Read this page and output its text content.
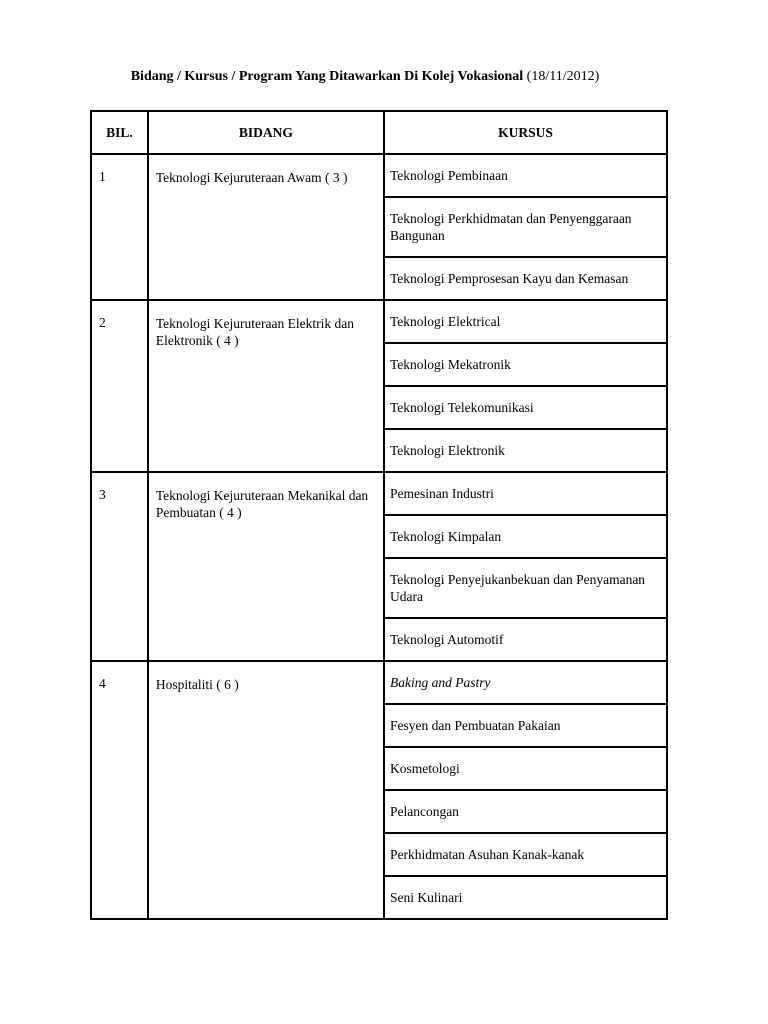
Bidang / Kursus / Program Yang Ditawarkan Di Kolej Vokasional (18/11/2012)
BIL.	BIDANG	KURSUS
1	Teknologi Kejuruteraan Awam ( 3 )	Teknologi Pembinaan
		Teknologi Perkhidmatan dan Penyenggaraan Bangunan
		Teknologi Pemprosesan Kayu dan Kemasan
2	Teknologi Kejuruteraan Elektrik dan Elektronik ( 4 )	Teknologi Elektrical
		Teknologi Mekatronik
		Teknologi Telekomunikasi
		Teknologi Elektronik
3	Teknologi Kejuruteraan Mekanikal dan Pembuatan ( 4 )	Pemesinan Industri
		Teknologi Kimpalan
		Teknologi Penyejukanbekuan dan Penyamanan Udara
		Teknologi Automotif
4	Hospitaliti ( 6 )	Baking and Pastry
		Fesyen dan Pembuatan Pakaian
		Kosmetologi
		Pelancongan
		Perkhidmatan Asuhan Kanak-kanak
		Seni Kulinari
